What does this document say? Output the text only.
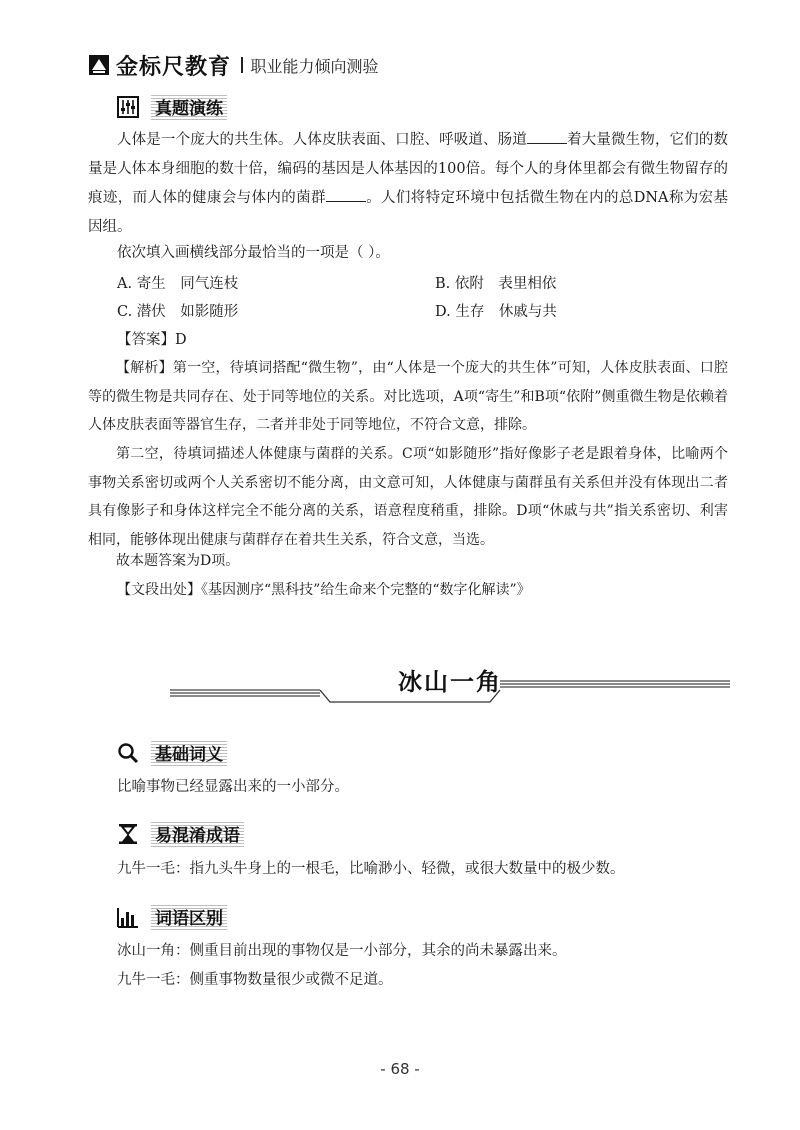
金标尺教育 职业能力倾向测验
真题演练
人体是一个庞大的共生体。人体皮肤表面、口腔、呼吸道、肠道	着大量微生物，它们的数量是人体本身细胞的数十倍，编码的基因是人体基因的100倍。每个人的身体里都会有微生物留存的痕迹，而人体的健康会与体内的菌群	。人们将特定环境中包括微生物在内的总DNA称为宏基因组。
依次填入画横线部分最恰当的一项是（ ）。
A. 寄生　同气连枝	B. 依附　表里相依
C. 潜伏　如影随形	D. 生存　休戚与共
【答案】D
【解析】第一空，待填词搭配“微生物”，由“人体是一个庞大的共生体”可知，人体皮肤表面、口腔等的微生物是共同存在、处于同等地位的关系。对比选项，A项“寄生”和B项“依附”侧重微生物是依赖着人体皮肤表面等器官生存，二者并非处于同等地位，不符合文意，排除。
第二空，待填词描述人体健康与菌群的关系。C项“如影随形”指好像影子老是跟着身体，比喻两个事物关系密切或两个人关系密切不能分离，由文意可知，人体健康与菌群虽有关系但并没有体现出二者具有像影子和身体这样完全不能分离的关系，语意程度稍重，排除。D项“休戚与共”指关系密切、利害相同，能够体现出健康与菌群存在着共生关系，符合文意，当选。
故本题答案为D项。
【文段出处】《基因测序“黑科技”给生命来个完整的“数字化解读”》
冰山一角
基础词义
比喻事物已经显露出来的一小部分。
易混淆成语
九牛一毛：指九头牛身上的一根毛，比喻渺小、轻微，或很大数量中的极少数。
词语区别
冰山一角：侧重目前出现的事物仅是一小部分，其余的尚未暴露出来。
九牛一毛：侧重事物数量很少或微不足道。
- 68 -
